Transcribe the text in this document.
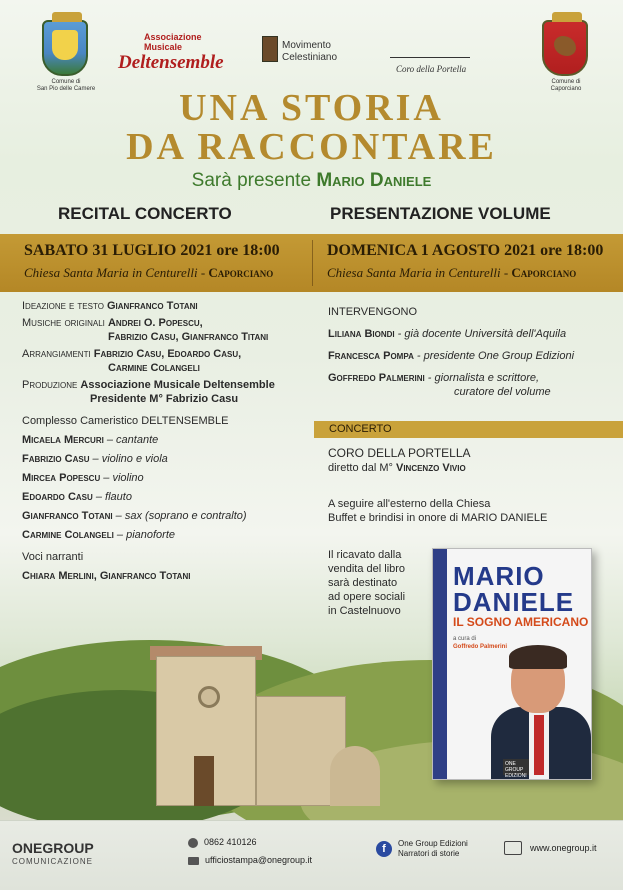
Comune di
San Pio delle Camere
Associazione Musicale
Deltensemble
Movimento
Celestiniano
Coro della Portella
Comune di
Caporciano
UNA STORIA
DA RACCONTARE
Sarà presente Mario Daniele
RECITAL CONCERTO	PRESENTAZIONE VOLUME
SABATO 31 LUGLIO 2021 ore 18:00
Chiesa Santa Maria in Centurelli - Caporciano
DOMENICA 1 AGOSTO 2021 ore 18:00
Chiesa Santa Maria in Centurelli - Caporciano
Ideazione e testo Gianfranco Totani
Musiche originali Andrei O. Popescu,
Fabrizio Casu, Gianfranco Titani
Arrangiamenti Fabrizio Casu, Edoardo Casu,
Carmine Colangeli
Produzione Associazione Musicale Deltensemble
Presidente M° Fabrizio Casu
Complesso Cameristico DELTENSEMBLE
Micaela Mercuri – cantante
Fabrizio Casu – violino e viola
Mircea Popescu – violino
Edoardo Casu – flauto
Gianfranco Totani – sax (soprano e contralto)
Carmine Colangeli – pianoforte
Voci narranti
Chiara Merlini, Gianfranco Totani
INTERVENGONO
Liliana Biondi - già docente Università dell'Aquila
Francesca Pompa - presidente One Group Edizioni
Goffredo Palmerini - giornalista e scrittore,
curatore del volume
CONCERTO
CORO DELLA PORTELLA
diretto dal M° Vincenzo Vivio
A seguire all'esterno della Chiesa
Buffet e brindisi in onore di MARIO DANIELE
Il ricavato dalla
vendita del libro
sarà destinato
ad opere sociali
in Castelnuovo
MARIO
DANIELE
IL SOGNO AMERICANO
a cura di
Goffredo Palmerini
ONE GROUP EDIZIONI
ONEGROUP
COMUNICAZIONE
0862 410126
ufficiostampa@onegroup.it
f	One Group Edizioni
Narratori di storie
www.onegroup.it
